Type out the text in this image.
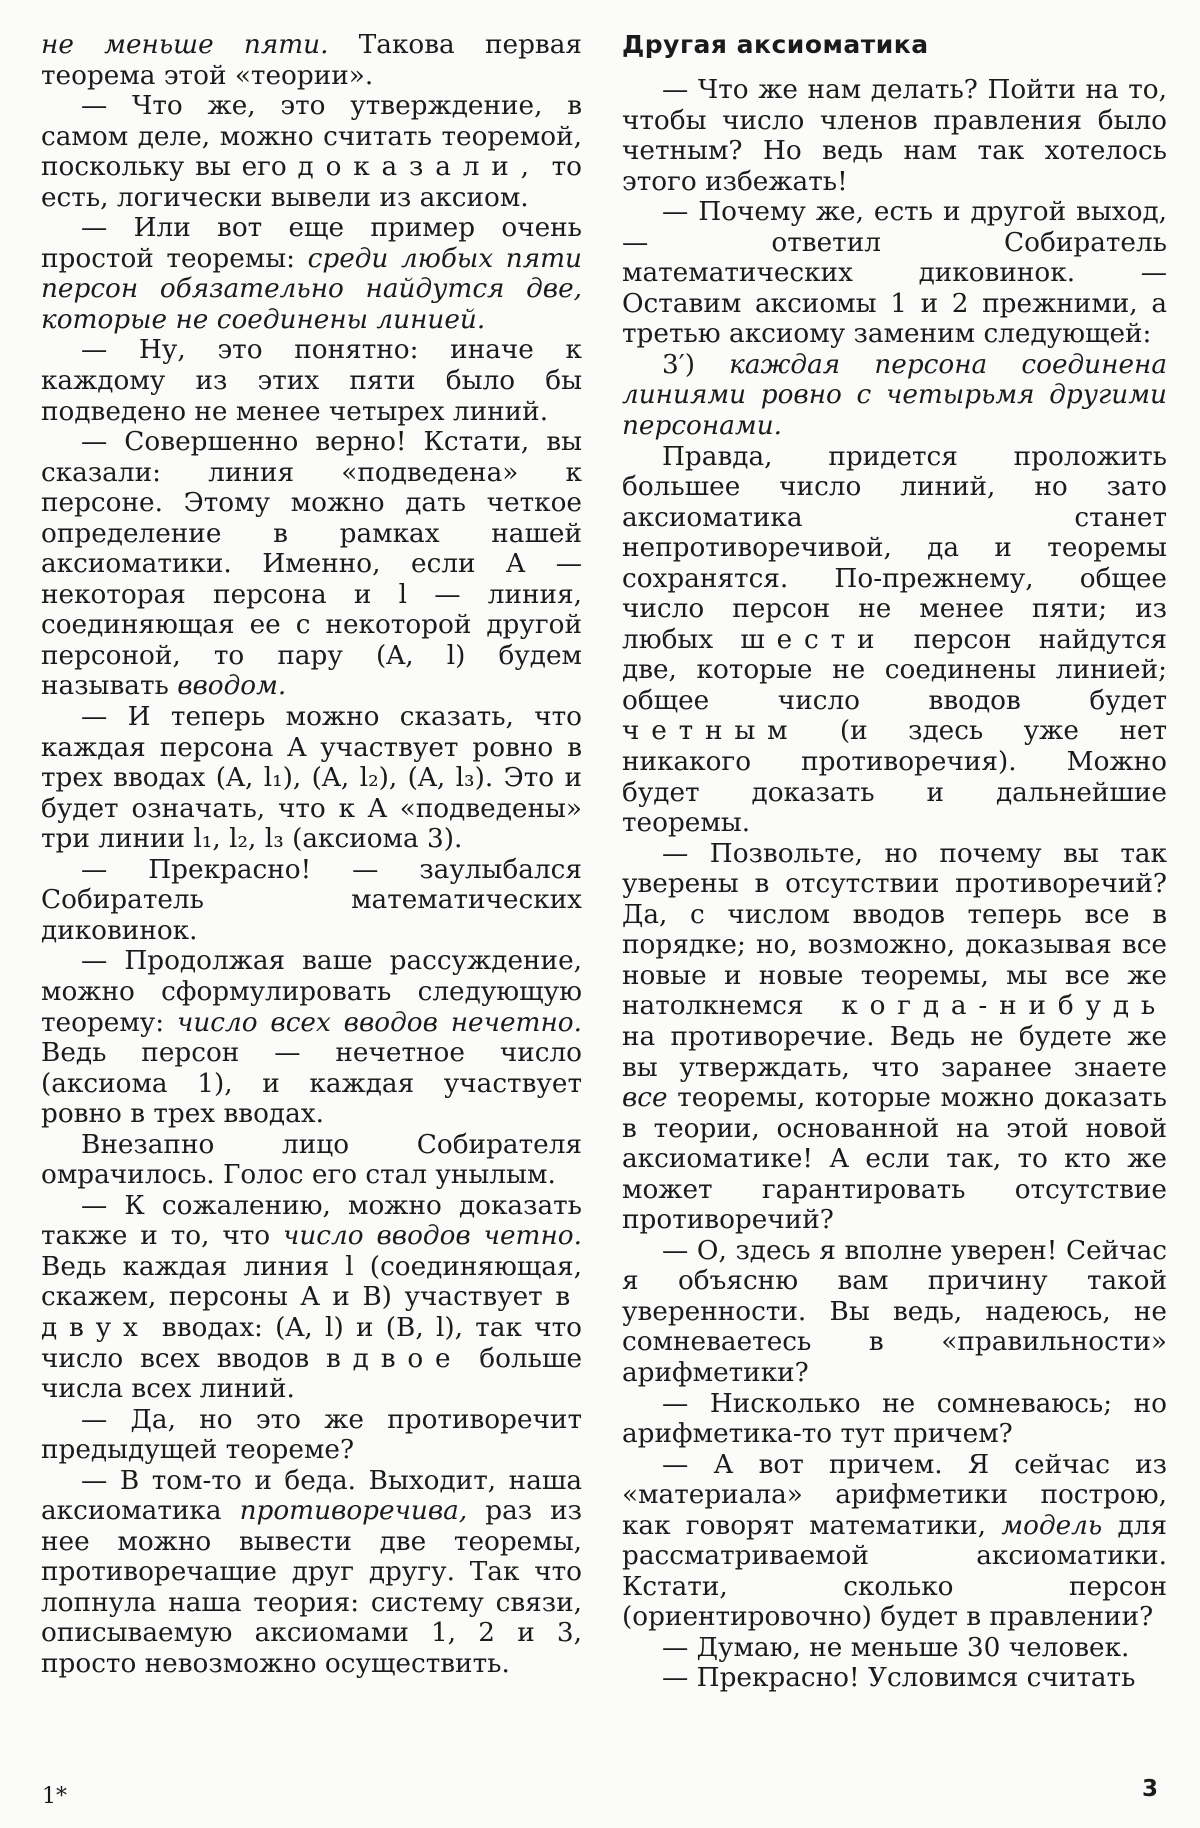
не меньше пяти. Такова первая теорема этой «теории».

— Что же, это утверждение, в самом деле, можно считать теоремой, поскольку вы его доказали, то есть, логически вывели из аксиом.

— Или вот еще пример очень простой теоремы: среди любых пяти персон обязательно найдутся две, которые не соединены линией.

— Ну, это понятно: иначе к каждому из этих пяти было бы подведено не менее четырех линий.

— Совершенно верно! Кстати, вы сказали: линия «подведена» к персоне. Этому можно дать четкое определение в рамках нашей аксиоматики. Именно, если A — некоторая персона и l — линия, соединяющая ее с некоторой другой персоной, то пару (A, l) будем называть вводом.

— И теперь можно сказать, что каждая персона A участвует ровно в трех вводах (A, l₁), (A, l₂), (A, l₃). Это и будет означать, что к A «подведены» три линии l₁, l₂, l₃ (аксиома 3).

— Прекрасно! — заулыбался Собиратель математических диковинок.

— Продолжая ваше рассуждение, можно сформулировать следующую теорему: число всех вводов нечетно. Ведь персон — нечетное число (аксиома 1), и каждая участвует ровно в трех вводах.

Внезапно лицо Собирателя омрачилось. Голос его стал унылым.

— К сожалению, можно доказать также и то, что число вводов четно. Ведь каждая линия l (соединяющая, скажем, персоны A и B) участвует в двух вводах: (A, l) и (B, l), так что число всех вводов вдвое больше числа всех линий.

— Да, но это же противоречит предыдущей теореме?

— В том-то и беда. Выходит, наша аксиоматика противоречива, раз из нее можно вывести две теоремы, противоречащие друг другу. Так что лопнула наша теория: систему связи, описываемую аксиомами 1, 2 и 3, просто невозможно осуществить.

Другая аксиоматика

— Что же нам делать? Пойти на то, чтобы число членов правления было четным? Но ведь нам так хотелось этого избежать!

— Почему же, есть и другой выход, — ответил Собиратель математических диковинок. — Оставим аксиомы 1 и 2 прежними, а третью аксиому заменим следующей:

3′) каждая персона соединена линиями ровно с четырьмя другими персонами.

Правда, придется проложить большее число линий, но зато аксиоматика станет непротиворечивой, да и теоремы сохранятся. По-прежнему, общее число персон не менее пяти; из любых шести персон найдутся две, которые не соединены линией; общее число вводов будет четным (и здесь уже нет никакого противоречия). Можно будет доказать и дальнейшие теоремы.

— Позвольте, но почему вы так уверены в отсутствии противоречий? Да, с числом вводов теперь все в порядке; но, возможно, доказывая все новые и новые теоремы, мы все же натолкнемся когда-нибудь на противоречие. Ведь не будете же вы утверждать, что заранее знаете все теоремы, которые можно доказать в теории, основанной на этой новой аксиоматике! А если так, то кто же может гарантировать отсутствие противоречий?

— О, здесь я вполне уверен! Сейчас я объясню вам причину такой уверенности. Вы ведь, надеюсь, не сомневаетесь в «правильности» арифметики?

— Нисколько не сомневаюсь; но арифметика-то тут причем?

— А вот причем. Я сейчас из «материала» арифметики построю, как говорят математики, модель для рассматриваемой аксиоматики. Кстати, сколько персон (ориентировочно) будет в правлении?

— Думаю, не меньше 30 человек.

— Прекрасно! Условимся считать

1*	3
